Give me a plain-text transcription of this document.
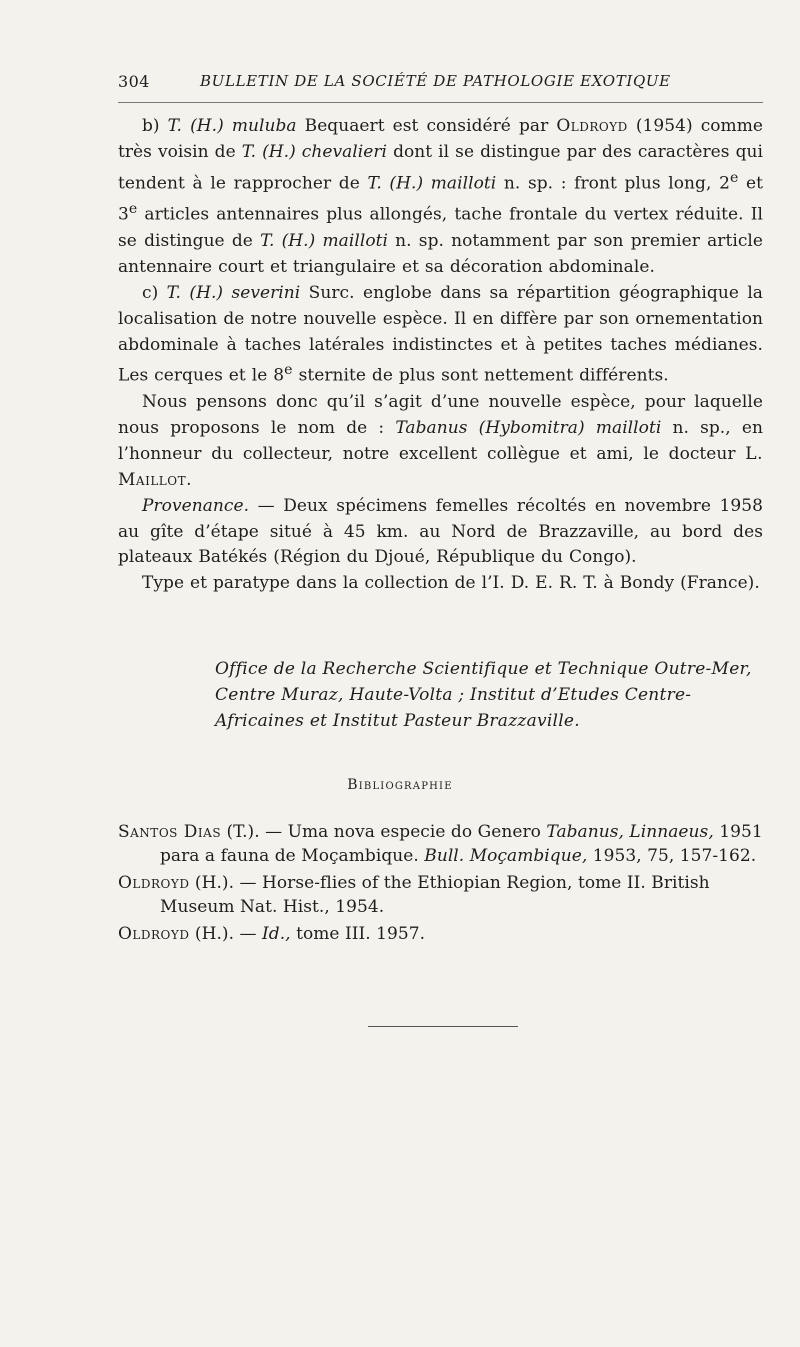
304	BULLETIN DE LA SOCIÉTÉ DE PATHOLOGIE EXOTIQUE

b) T. (H.) muluba Bequaert est considéré par Oldroyd (1954) comme très voisin de T. (H.) chevalieri dont il se distingue par des caractères qui tendent à le rapprocher de T. (H.) mailloti n. sp. : front plus long, 2e et 3e articles antennaires plus allongés, tache frontale du vertex réduite. Il se distingue de T. (H.) mailloti n. sp. notamment par son premier article antennaire court et triangulaire et sa décoration abdominale.

c) T. (H.) severini Surc. englobe dans sa répartition géographique la localisation de notre nouvelle espèce. Il en diffère par son ornementation abdominale à taches latérales indistinctes et à petites taches médianes. Les cerques et le 8e sternite de plus sont nettement différents.

Nous pensons donc qu’il s’agit d’une nouvelle espèce, pour laquelle nous proposons le nom de : Tabanus (Hybomitra) mailloti n. sp., en l’honneur du collecteur, notre excellent collègue et ami, le docteur L. Maillot.

Provenance. — Deux spécimens femelles récoltés en novembre 1958 au gîte d’étape situé à 45 km. au Nord de Brazzaville, au bord des plateaux Batékés (Région du Djoué, République du Congo).

Type et paratype dans la collection de l’I. D. E. R. T. à Bondy (France).

Office de la Recherche Scientifique et Technique Outre-Mer, Centre Muraz, Haute-Volta ; Institut d’Etudes Centre-Africaines et Institut Pasteur Brazzaville.
Bibliographie

Santos Dias (T.). — Uma nova especie do Genero Tabanus, Linnaeus, 1951 para a fauna de Moçambique. Bull. Moçambique, 1953, 75, 157-162.

Oldroyd (H.). — Horse-flies of the Ethiopian Region, tome II. British Museum Nat. Hist., 1954.

Oldroyd (H.). — Id., tome III. 1957.
